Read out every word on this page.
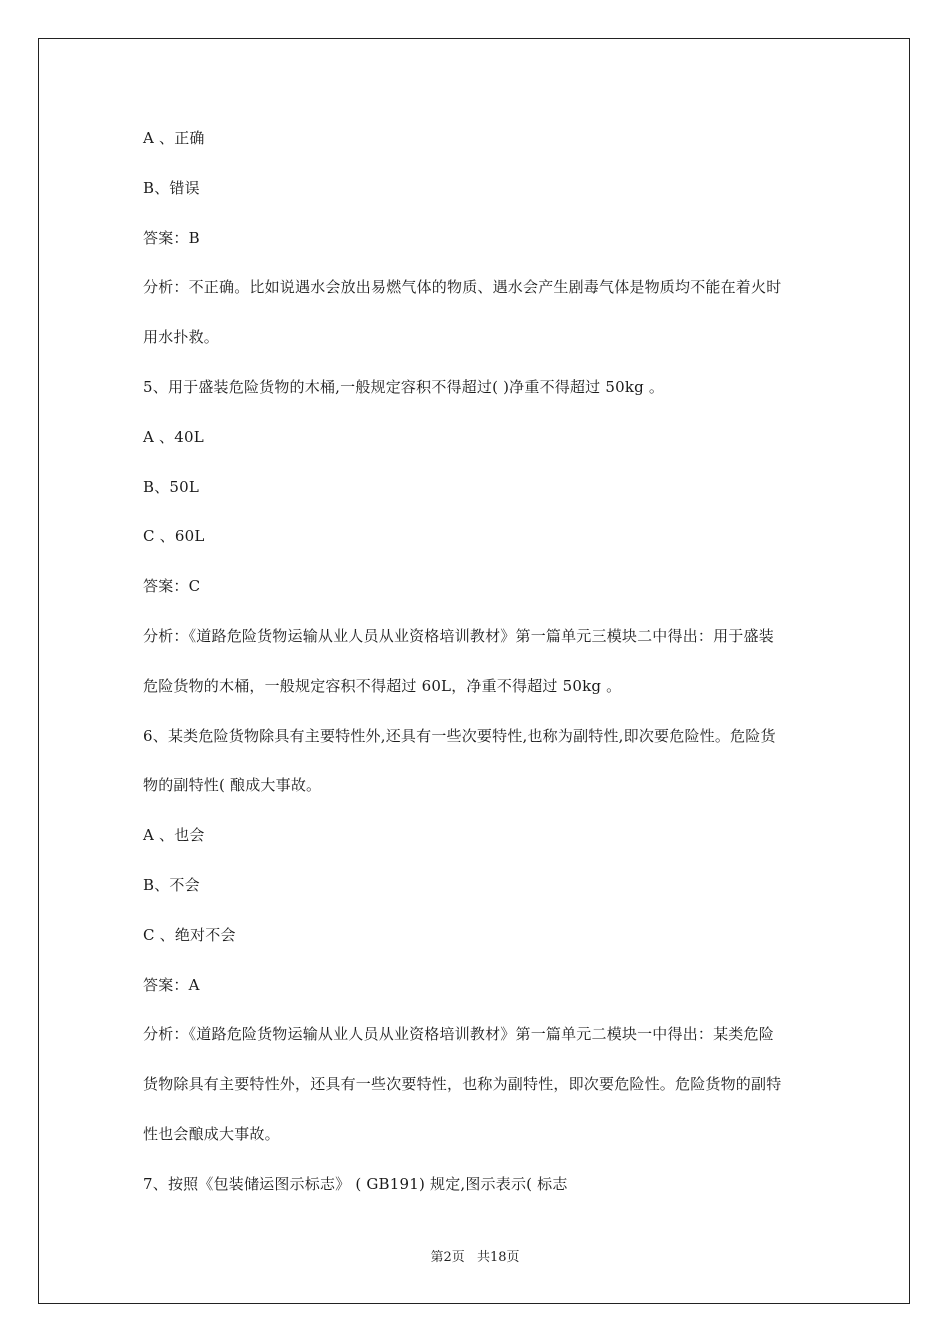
A 、正确
B、错误
答案：B
分析：不正确。比如说遇水会放出易燃气体的物质、遇水会产生剧毒气体是物质均不能在着火时
用水扑救。
5、用于盛装危险货物的木桶,一般规定容积不得超过( )净重不得超过 50kg 。
A 、40L
B、50L
C 、60L
答案：C
分析：《道路危险货物运输从业人员从业资格培训教材》第一篇单元三模块二中得出：用于盛装
危险货物的木桶，一般规定容积不得超过 60L，净重不得超过 50kg 。
6、某类危险货物除具有主要特性外,还具有一些次要特性,也称为副特性,即次要危险性。危险货
物的副特性( 酿成大事故。
A 、也会
B、不会
C 、绝对不会
答案：A
分析：《道路危险货物运输从业人员从业资格培训教材》第一篇单元二模块一中得出：某类危险
货物除具有主要特性外，还具有一些次要特性，也称为副特性，即次要危险性。危险货物的副特
性也会酿成大事故。
7、按照《包装储运图示标志》 ( GB191) 规定,图示表示( 标志
第2页 共18页
